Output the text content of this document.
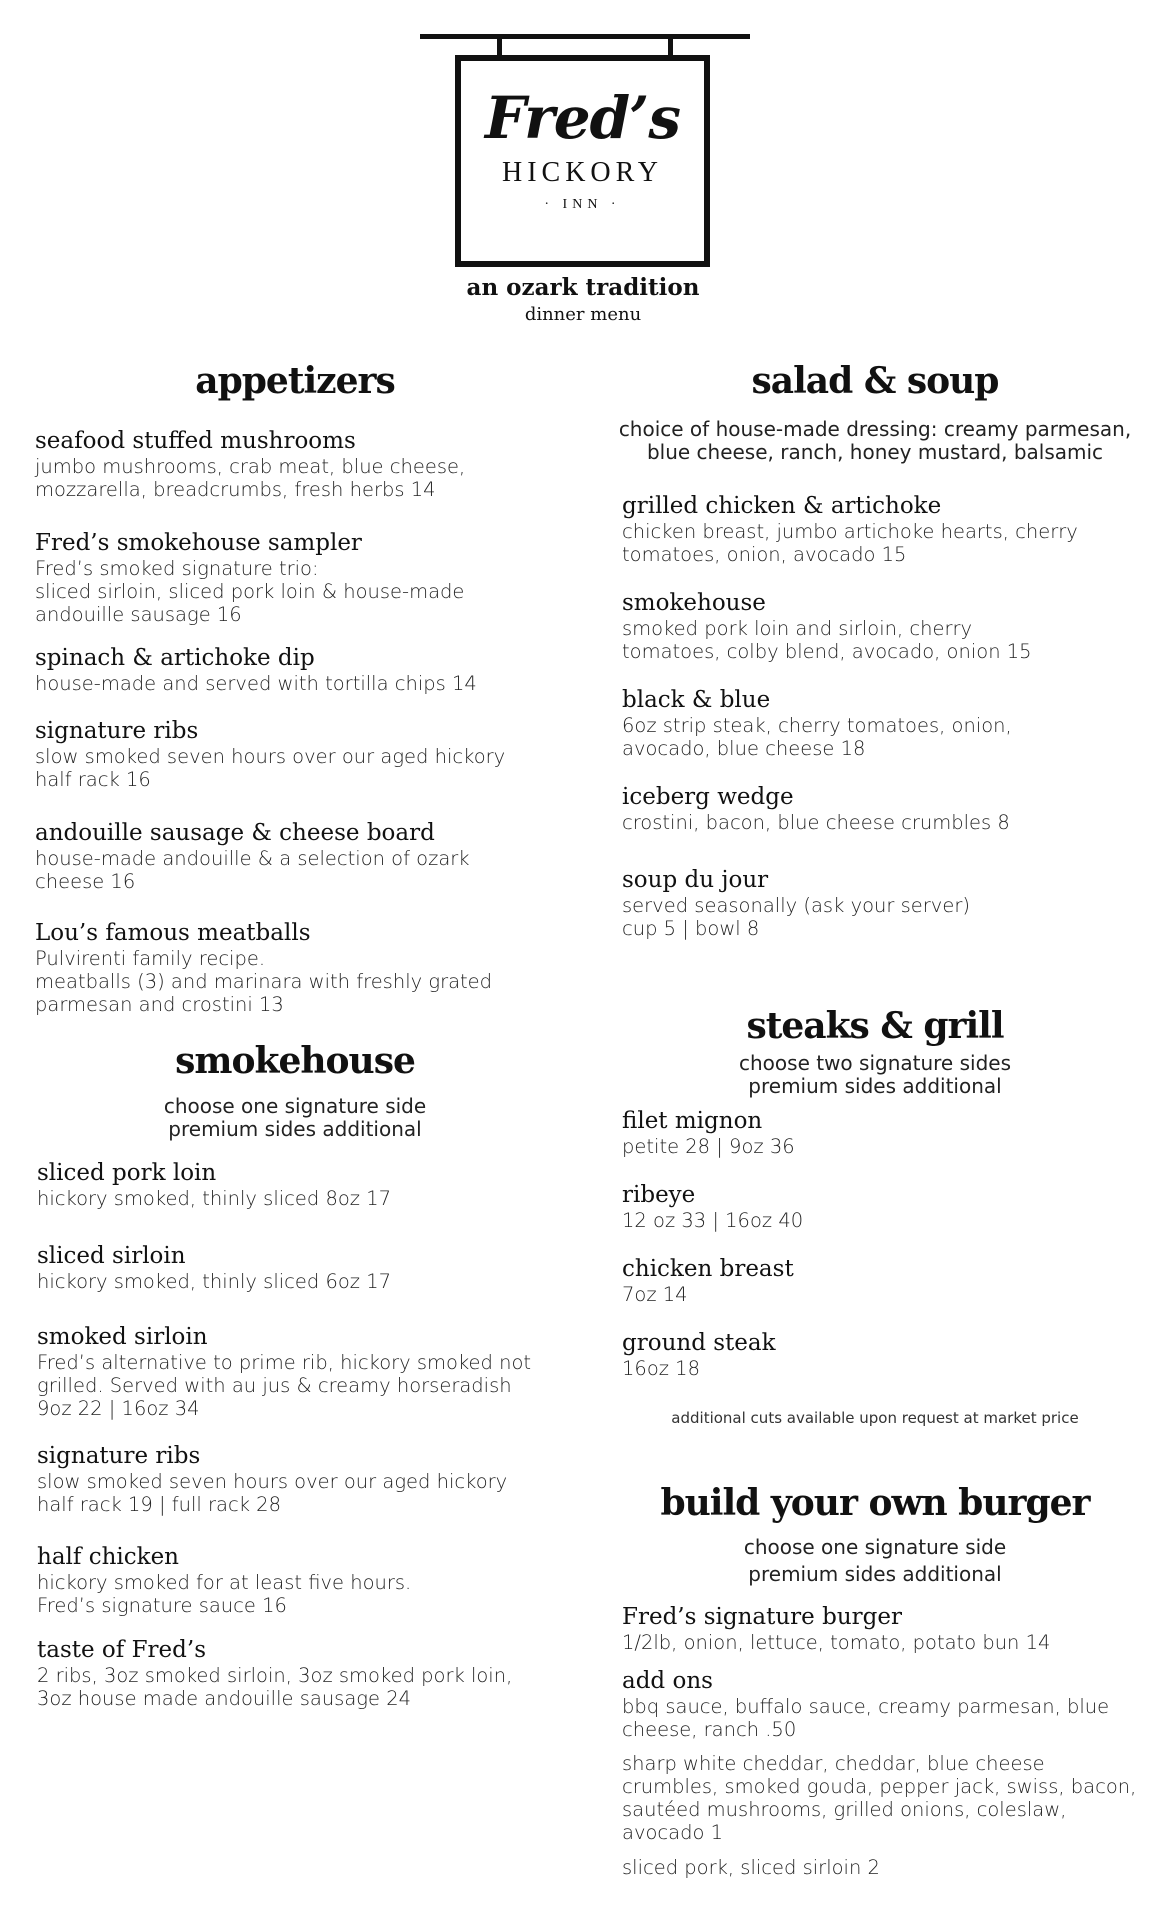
Fred’s
HICKORY
· INN ·
an ozark tradition
dinner menu
appetizers
seafood stuffed mushrooms
jumbo mushrooms, crab meat, blue cheese,
mozzarella, breadcrumbs, fresh herbs 14
Fred’s smokehouse sampler
Fred’s smoked signature trio:
sliced sirloin, sliced pork loin & house-made
andouille sausage 16
spinach & artichoke dip
house-made and served with tortilla chips 14
signature ribs
slow smoked seven hours over our aged hickory
half rack 16
andouille sausage & cheese board
house-made andouille & a selection of ozark
cheese 16
Lou’s famous meatballs
Pulvirenti family recipe.
meatballs (3) and marinara with freshly grated
parmesan and crostini 13
smokehouse
choose one signature side
premium sides additional
sliced pork loin
hickory smoked, thinly sliced 8oz 17
sliced sirloin
hickory smoked, thinly sliced 6oz 17
smoked sirloin
Fred’s alternative to prime rib, hickory smoked not
grilled. Served with au jus & creamy horseradish
9oz 22 | 16oz 34
signature ribs
slow smoked seven hours over our aged hickory
half rack 19 | full rack 28
half chicken
hickory smoked for at least five hours.
Fred’s signature sauce 16
taste of Fred’s
2 ribs, 3oz smoked sirloin, 3oz smoked pork loin,
3oz house made andouille sausage 24
salad & soup
choice of house-made dressing: creamy parmesan,
blue cheese, ranch, honey mustard, balsamic
grilled chicken & artichoke
chicken breast, jumbo artichoke hearts, cherry
tomatoes, onion, avocado 15
smokehouse
smoked pork loin and sirloin, cherry
tomatoes, colby blend, avocado, onion 15
black & blue
6oz strip steak, cherry tomatoes, onion,
avocado, blue cheese 18
iceberg wedge
crostini, bacon, blue cheese crumbles 8
soup du jour
served seasonally (ask your server)
cup 5 | bowl 8
steaks & grill
choose two signature sides
premium sides additional
filet mignon
petite 28 | 9oz 36
ribeye
12 oz 33 | 16oz 40
chicken breast
7oz 14
ground steak
16oz 18
additional cuts available upon request at market price
build your own burger
choose one signature side
premium sides additional
Fred’s signature burger
1/2lb, onion, lettuce, tomato, potato bun 14
add ons
bbq sauce, buffalo sauce, creamy parmesan, blue
cheese, ranch .50
sharp white cheddar, cheddar, blue cheese
crumbles, smoked gouda, pepper jack, swiss, bacon,
sautéed mushrooms, grilled onions, coleslaw,
avocado 1
sliced pork, sliced sirloin 2
